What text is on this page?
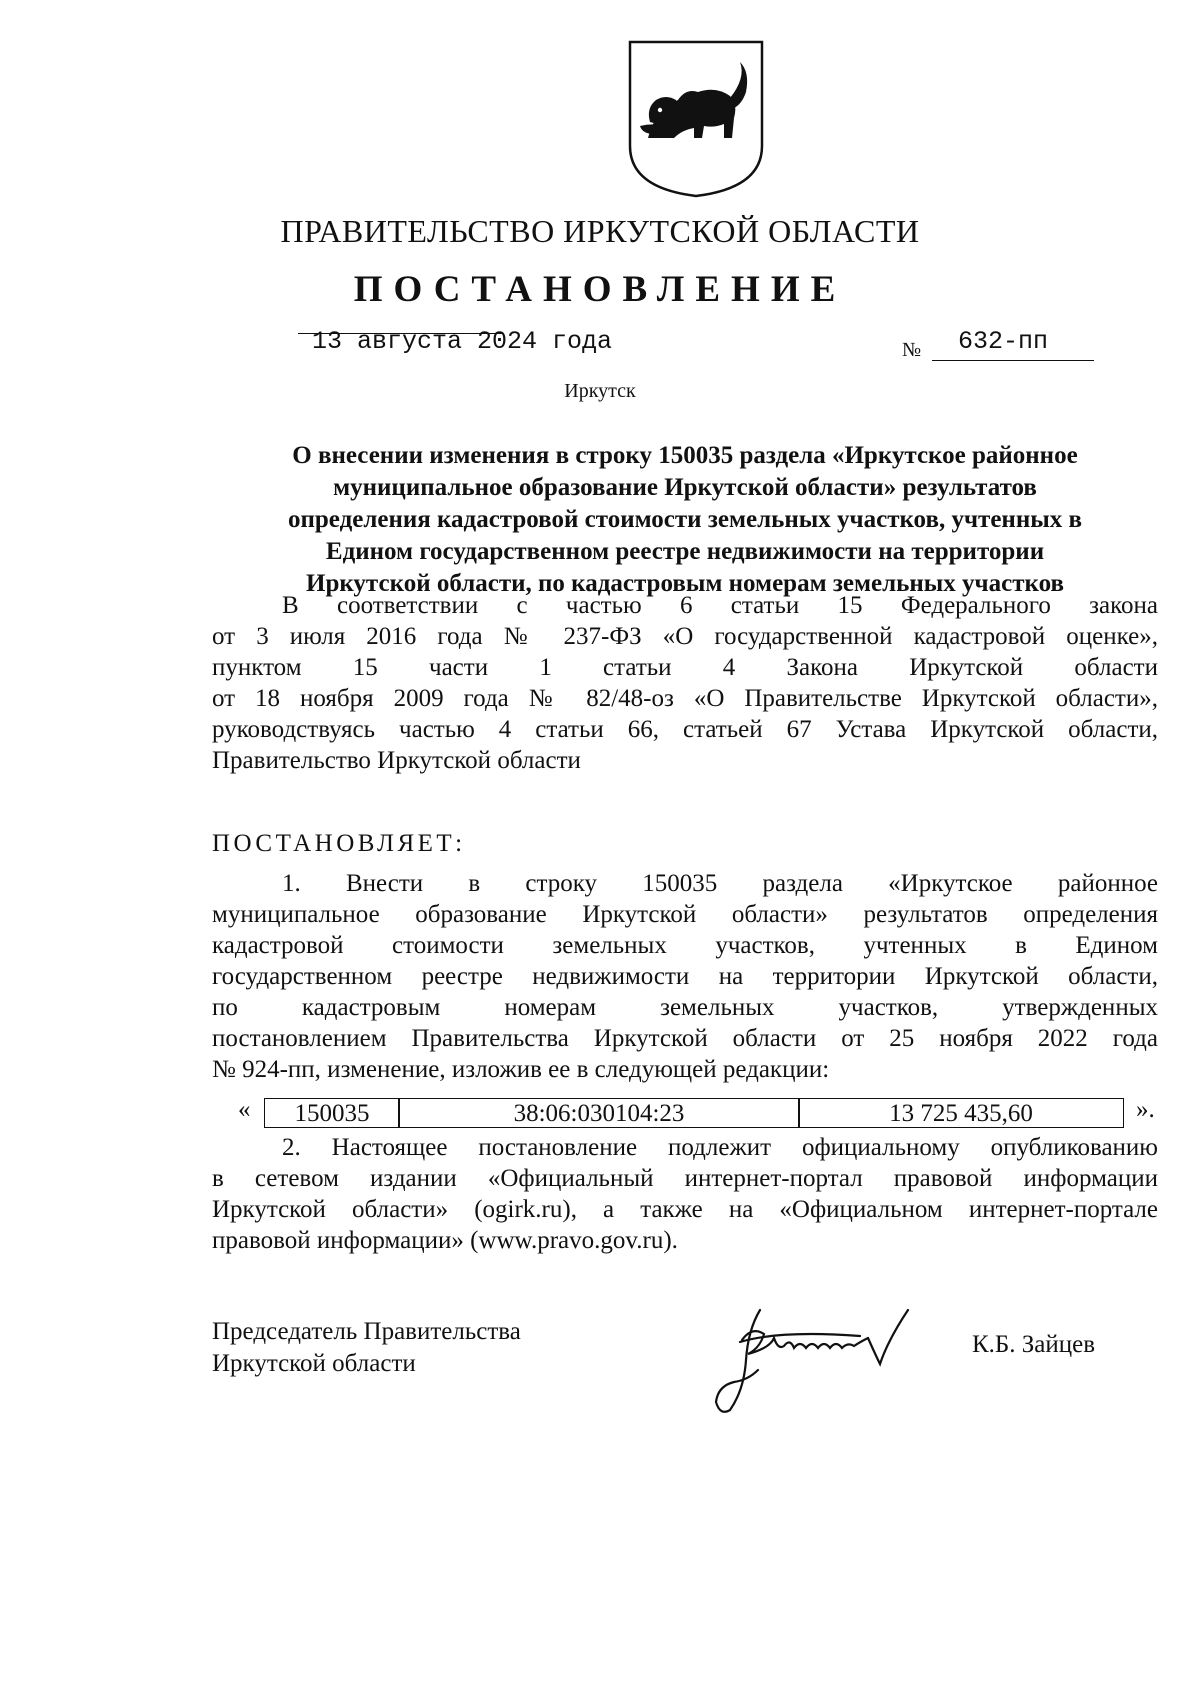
ПРАВИТЕЛЬСТВО ИРКУТСКОЙ ОБЛАСТИ
ПОСТАНОВЛЕНИЕ
13 августа 2024 года	№ 632-пп
Иркутск
О внесении изменения в строку 150035 раздела «Иркутское районное
муниципальное образование Иркутской области» результатов
определения кадастровой стоимости земельных участков, учтенных в
Едином государственном реестре недвижимости на территории
Иркутской области, по кадастровым номерам земельных участков
В соответствии с частью 6 статьи 15 Федерального закона
от 3 июля 2016 года № 237-ФЗ «О государственной кадастровой оценке»,
пунктом 15 части 1 статьи 4 Закона Иркутской области
от 18 ноября 2009 года № 82/48-оз «О Правительстве Иркутской области»,
руководствуясь частью 4 статьи 66, статьей 67 Устава Иркутской области,
Правительство Иркутской области
ПОСТАНОВЛЯЕТ:
1. Внести в строку 150035 раздела «Иркутское районное
муниципальное образование Иркутской области» результатов определения
кадастровой стоимости земельных участков, учтенных в Едином
государственном реестре недвижимости на территории Иркутской области,
по кадастровым номерам земельных участков, утвержденных
постановлением Правительства Иркутской области от 25 ноября 2022 года
№ 924-пп, изменение, изложив ее в следующей редакции:
«	150035	38:06:030104:23	13 725 435,60	».
2. Настоящее постановление подлежит официальному опубликованию
в сетевом издании «Официальный интернет-портал правовой информации
Иркутской области» (ogirk.ru), а также на «Официальном интернет-портале
правовой информации» (www.pravo.gov.ru).
Председатель Правительства
Иркутской области
К.Б. Зайцев
